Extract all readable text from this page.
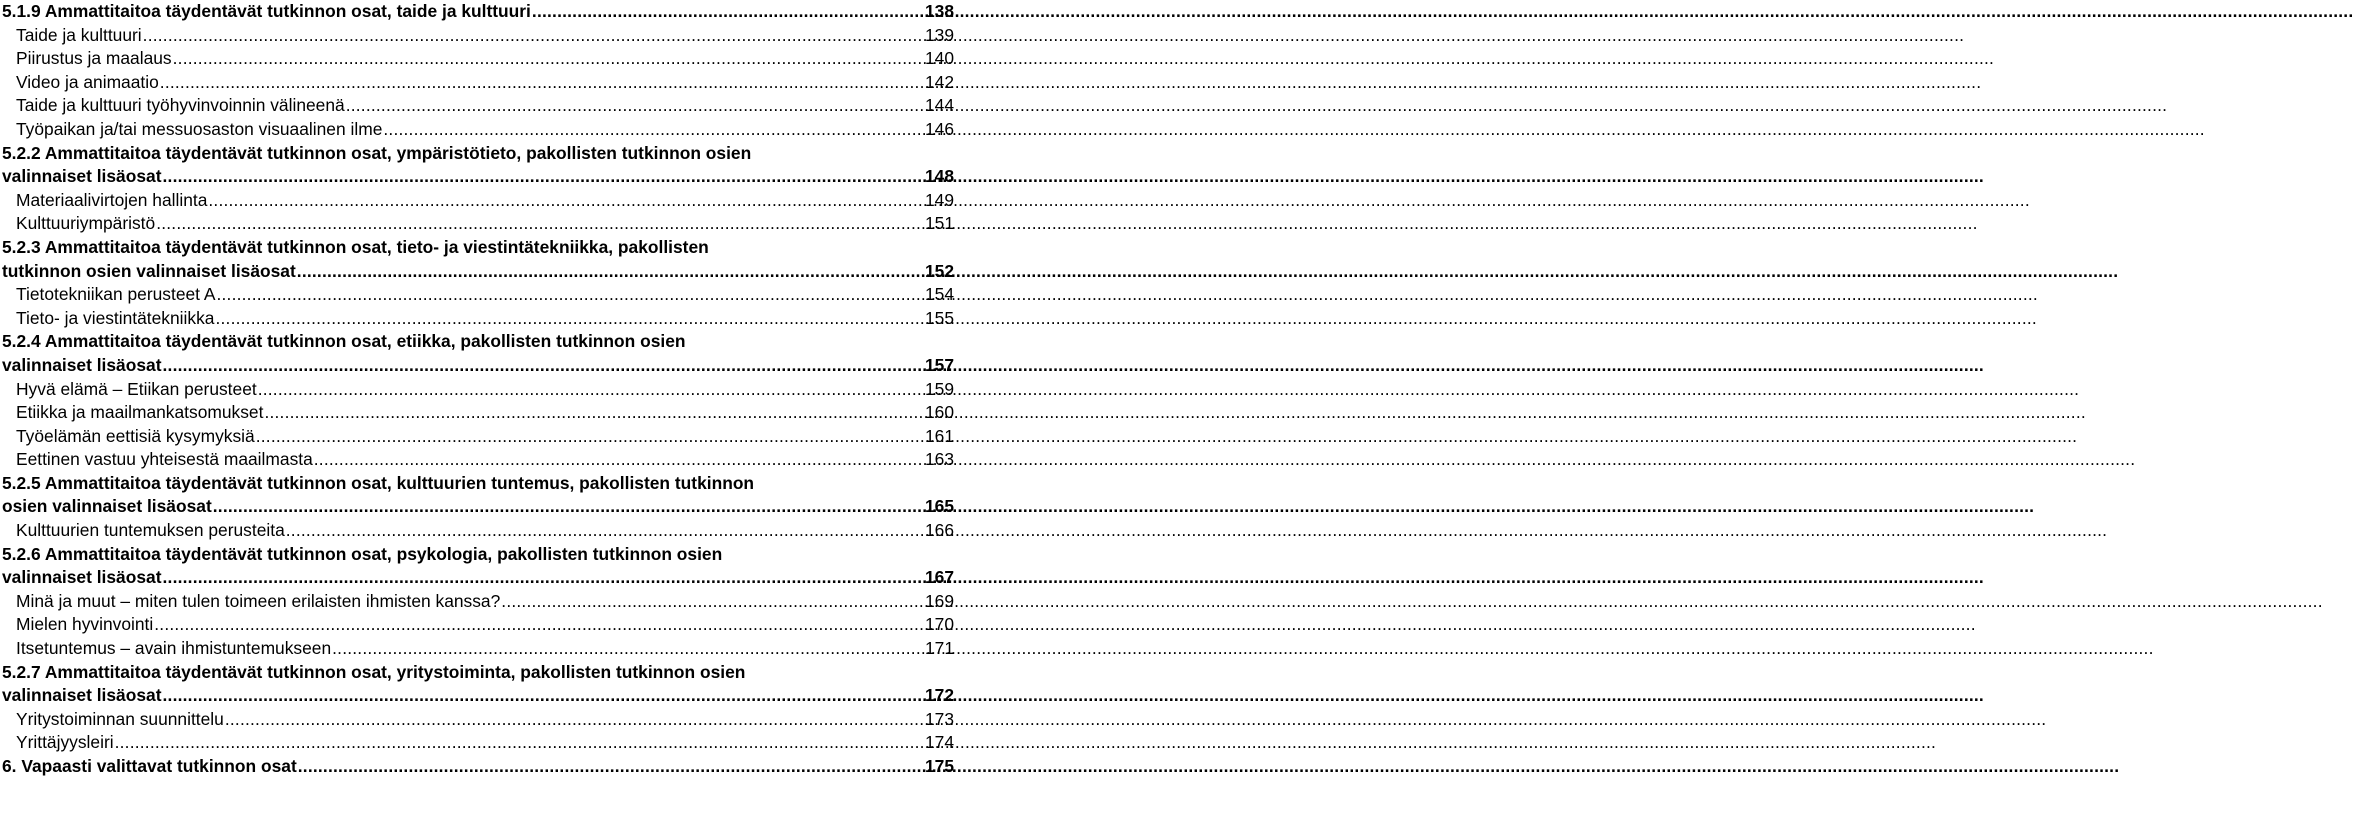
5.1.9 Ammattitaitoa täydentävät tutkinnon osat, taide ja kulttuuri .....	138
Taide ja kulttuuri .....	139
Piirustus ja maalaus .....	140
Video ja animaatio .....	142
Taide ja kulttuuri työhyvinvoinnin välineenä .....	144
Työpaikan ja/tai messuosaston visuaalinen ilme .....	146
5.2.2 Ammattitaitoa täydentävät tutkinnon osat, ympäristötieto, pakollisten tutkinnon osien
valinnaiset lisäosat .....	148
Materiaalivirtojen hallinta .....	149
Kulttuuriympäristö .....	151
5.2.3 Ammattitaitoa täydentävät tutkinnon osat, tieto- ja viestintätekniikka, pakollisten
tutkinnon osien valinnaiset lisäosat .....	152
Tietotekniikan perusteet A .....	154
Tieto- ja viestintätekniikka .....	155
5.2.4 Ammattitaitoa täydentävät tutkinnon osat, etiikka, pakollisten tutkinnon osien
valinnaiset lisäosat .....	157
Hyvä elämä – Etiikan perusteet .....	159
Etiikka ja maailmankatsomukset .....	160
Työelämän eettisiä kysymyksiä .....	161
Eettinen vastuu yhteisestä maailmasta .....	163
5.2.5 Ammattitaitoa täydentävät tutkinnon osat, kulttuurien tuntemus, pakollisten tutkinnon
osien valinnaiset lisäosat .....	165
Kulttuurien tuntemuksen perusteita .....	166
5.2.6 Ammattitaitoa täydentävät tutkinnon osat, psykologia, pakollisten tutkinnon osien
valinnaiset lisäosat .....	167
Minä ja muut – miten tulen toimeen erilaisten ihmisten kanssa? .....	169
Mielen hyvinvointi .....	170
Itsetuntemus – avain ihmistuntemukseen .....	171
5.2.7 Ammattitaitoa täydentävät tutkinnon osat, yritystoiminta, pakollisten tutkinnon osien
valinnaiset lisäosat .....	172
Yritystoiminnan suunnittelu .....	173
Yrittäjyysleiri .....	174
6. Vapaasti valittavat tutkinnon osat .....	175
